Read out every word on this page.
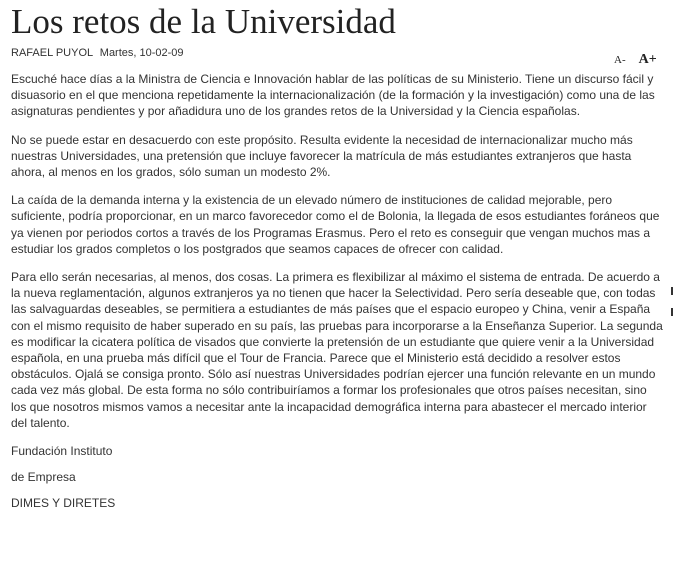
Los retos de la Universidad
RAFAEL PUYOL Martes, 10-02-09
A- A+

Escuché hace días a la Ministra de Ciencia e Innovación hablar de las políticas de su Ministerio. Tiene un discurso fácil y disuasorio en el que menciona repetidamente la internacionalización (de la formación y la investigación) como una de las asignaturas pendientes y por añadidura uno de los grandes retos de la Universidad y la Ciencia españolas.

No se puede estar en desacuerdo con este propósito. Resulta evidente la necesidad de internacionalizar mucho más nuestras Universidades, una pretensión que incluye favorecer la matrícula de más estudiantes extranjeros que hasta ahora, al menos en los grados, sólo suman un modesto 2%.

La caída de la demanda interna y la existencia de un elevado número de instituciones de calidad mejorable, pero suficiente, podría proporcionar, en un marco favorecedor como el de Bolonia, la llegada de esos estudiantes foráneos que ya vienen por periodos cortos a través de los Programas Erasmus. Pero el reto es conseguir que vengan muchos mas a estudiar los grados completos o los postgrados que seamos capaces de ofrecer con calidad.

Para ello serán necesarias, al menos, dos cosas. La primera es flexibilizar al máximo el sistema de entrada. De acuerdo a la nueva reglamentación, algunos extranjeros ya no tienen que hacer la Selectividad. Pero sería deseable que, con todas las salvaguardas deseables, se permitiera a estudiantes de más países que el espacio europeo y China, venir a España con el mismo requisito de haber superado en su país, las pruebas para incorporarse a la Enseñanza Superior. La segunda es modificar la cicatera política de visados que convierte la pretensión de un estudiante que quiere venir a la Universidad española, en una prueba más difícil que el Tour de Francia. Parece que el Ministerio está decidido a resolver estos obstáculos. Ojalá se consiga pronto. Sólo así nuestras Universidades podrían ejercer una función relevante en un mundo cada vez más global. De esta forma no sólo contribuiríamos a formar los profesionales que otros países necesitan, sino los que nosotros mismos vamos a necesitar ante la incapacidad demográfica interna para abastecer el mercado interior del talento.

Fundación Instituto

de Empresa

DIMES Y DIRETES
